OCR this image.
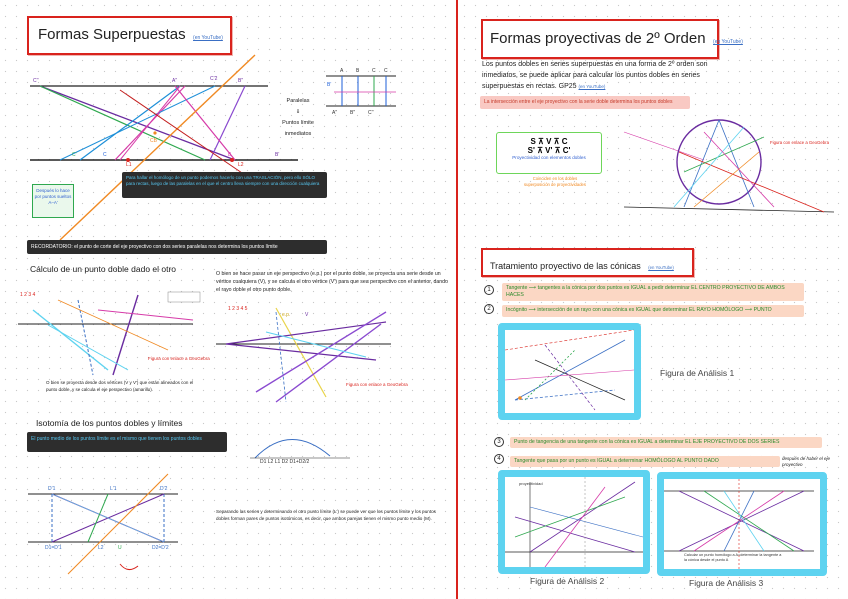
Formas Superpuestas (en YouTube)
C''	A''	C'2	B''
C'	C
L1
B
L2
B'
CB
Paralelas
⇓
Puntos límite
inmediatos
A	B	C C
B'
A''	B''	C''
Después lo hace por puntos sueltos A–A'
Para hallar el homólogo de un punto podemos hacerlo con una TRASLACIÓN, pero ello SÓLO para rectas, luego de las paralelas en el que el centro lleva siempre con una dirección cualquiera
RECORDATORIO: el punto de corte del eje proyectivo con dos series paralelas nos determina los puntos límite
Cálculo de un punto doble dado el otro	O bien se hace pasar un eje perspectivo (e.p.) por el punto doble, se proyecta una serie desde un vértice cualquiera (V), y se calcula el otro vértice (V') para que sea perspectivo con el anterior, dando el rayo doble el otro punto doble.
1 2 3 4
Figura con enlace a GeoGebra
O bien se proyecta desde dos vértices (V y V') que están alineados con el punto doble, y se calcula el eje perspectivo (amarillo).
1 2 3 4 5
e.p.	V
Figura con enlace a GeoGebra
Isotomía de los puntos dobles y límites
El punto medio de los puntos límite es el mismo que tienen los puntos dobles
D1 L2 L1 D2 D1+D2/2
D'1	L'1	D'2
D1=D'1	L2	U	D2=D'2
Separando las series y determinando el otro punto límite (L') se puede ver que los puntos límite y los puntos dobles forman pares de puntos isotómicos, es decir, que ambos parejas tienen el mismo punto medio (M).
Formas proyectivas de 2º Orden (en YouTube)
Los puntos dobles en series superpuestas en una forma de 2º orden son inmediatos, se puede aplicar para calcular los puntos dobles en series superpuestas en rectas. GP25 (en YouTube)
La intersección entre el eje proyectivo con la serie doble determina los puntos dobles
S ⊼ V ⊼ C
S' ⊼ V' ⊼ C'
Proyectividad con elementos dobles
Coinciden en los dobles superposición de proyectividades
Figura con enlace a GeoGebra
Tratamiento proyectivo de las cónicas (en YouTube)
1	Tangente ⟶ tangentes a la cónica por dos puntos es IGUAL a pedir determinar EL CENTRO PROYECTIVO DE AMBOS HACES
2	Incógnito ⟶ intersección de un rayo con una cónica es IGUAL que determinar EL RAYO HOMÓLOGO ⟶ PUNTO
Figura de Análisis 1
3	Punto de tangencia de una tangente con la cónica es IGUAL a determinar EL EJE PROYECTIVO DE DOS SERIES
4	Tangente que pasa por un punto es IGUAL a determinar HOMÓLOGO AL PUNTO DADO	después de haber el eje proyectivo
proyectividad
Figura de Análisis 2
Calcular un punto homólogo a A=determinar la tangente a la cónica desde el punto A
Figura de Análisis 3
